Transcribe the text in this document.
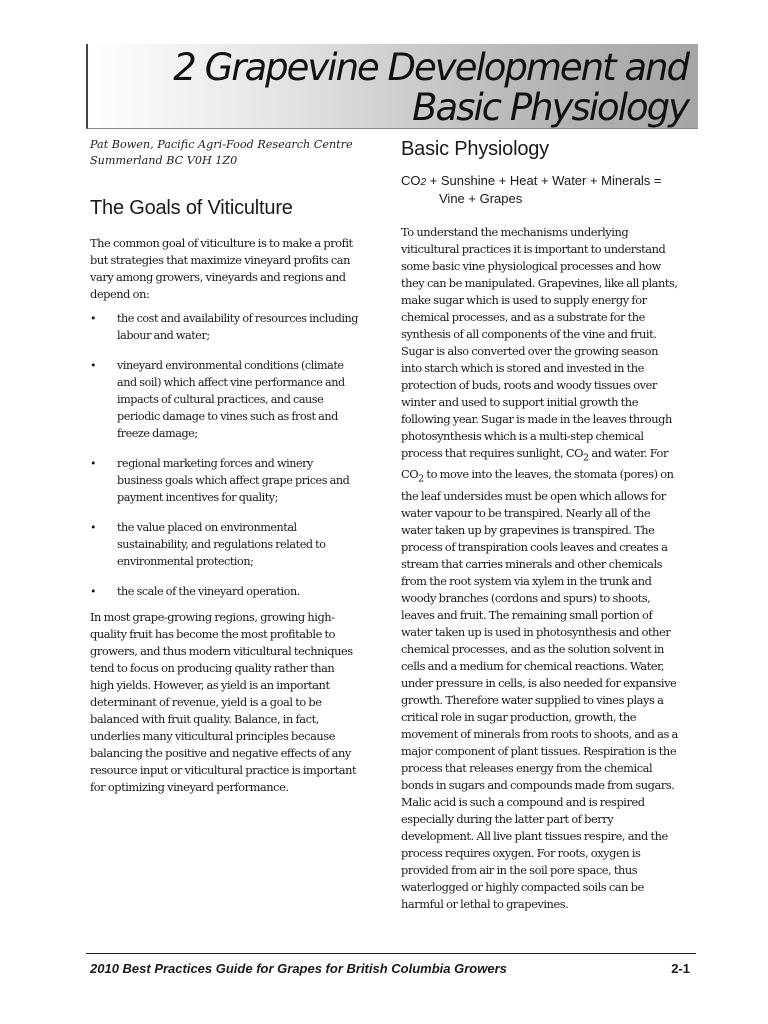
2 Grapevine Development and
Basic Physiology

Pat Bowen, Pacific Agri-Food Research Centre

Summerland BC V0H 1Z0

The Goals of Viticulture

The common goal of viticulture is to make a profit but strategies that maximize vineyard profits can vary among growers, vineyards and regions and depend on:

• the cost and availability of resources including labour and water;
• vineyard environmental conditions (climate and soil) which affect vine performance and impacts of cultural practices, and cause periodic damage to vines such as frost and freeze damage;
• regional marketing forces and winery business goals which affect grape prices and payment incentives for quality;
• the value placed on environmental sustainability, and regulations related to environmental protection;
• the scale of the vineyard operation.

In most grape-growing regions, growing high-quality fruit has become the most profitable to growers, and thus modern viticultural techniques tend to focus on producing quality rather than high yields. However, as yield is an important determinant of revenue, yield is a goal to be balanced with fruit quality. Balance, in fact, underlies many viticultural principles because balancing the positive and negative effects of any resource input or viticultural practice is important for optimizing vineyard performance.

Basic Physiology
CO2 + Sunshine + Heat + Water + Minerals =
Vine + Grapes

To understand the mechanisms underlying viticultural practices it is important to understand some basic vine physiological processes and how they can be manipulated. Grapevines, like all plants, make sugar which is used to supply energy for chemical processes, and as a substrate for the synthesis of all components of the vine and fruit. Sugar is also converted over the growing season into starch which is stored and invested in the protection of buds, roots and woody tissues over winter and used to support initial growth the following year. Sugar is made in the leaves through photosynthesis which is a multi-step chemical process that requires sunlight, $CO_2$ and water. For $CO_2$ to move into the leaves, the stomata (pores) on the leaf undersides must be open which allows for water vapour to be transpired. Nearly all of the water taken up by grapevines is transpired. The process of transpiration cools leaves and creates a stream that carries minerals and other chemicals from the root system via xylem in the trunk and woody branches (cordons and spurs) to shoots, leaves and fruit. The remaining small portion of water taken up is used in photosynthesis and other chemical processes, and as the solution solvent in cells and a medium for chemical reactions. Water, under pressure in cells, is also needed for expansive growth. Therefore water supplied to vines plays a critical role in sugar production, growth, the movement of minerals from roots to shoots, and as a major component of plant tissues. Respiration is the process that releases energy from the chemical bonds in sugars and compounds made from sugars. Malic acid is such a compound and is respired especially during the latter part of berry development. All live plant tissues respire, and the process requires oxygen. For roots, oxygen is provided from air in the soil pore space, thus waterlogged or highly compacted soils can be harmful or lethal to grapevines.

2010 Best Practices Guide for Grapes for British Columbia Growers	2-1
